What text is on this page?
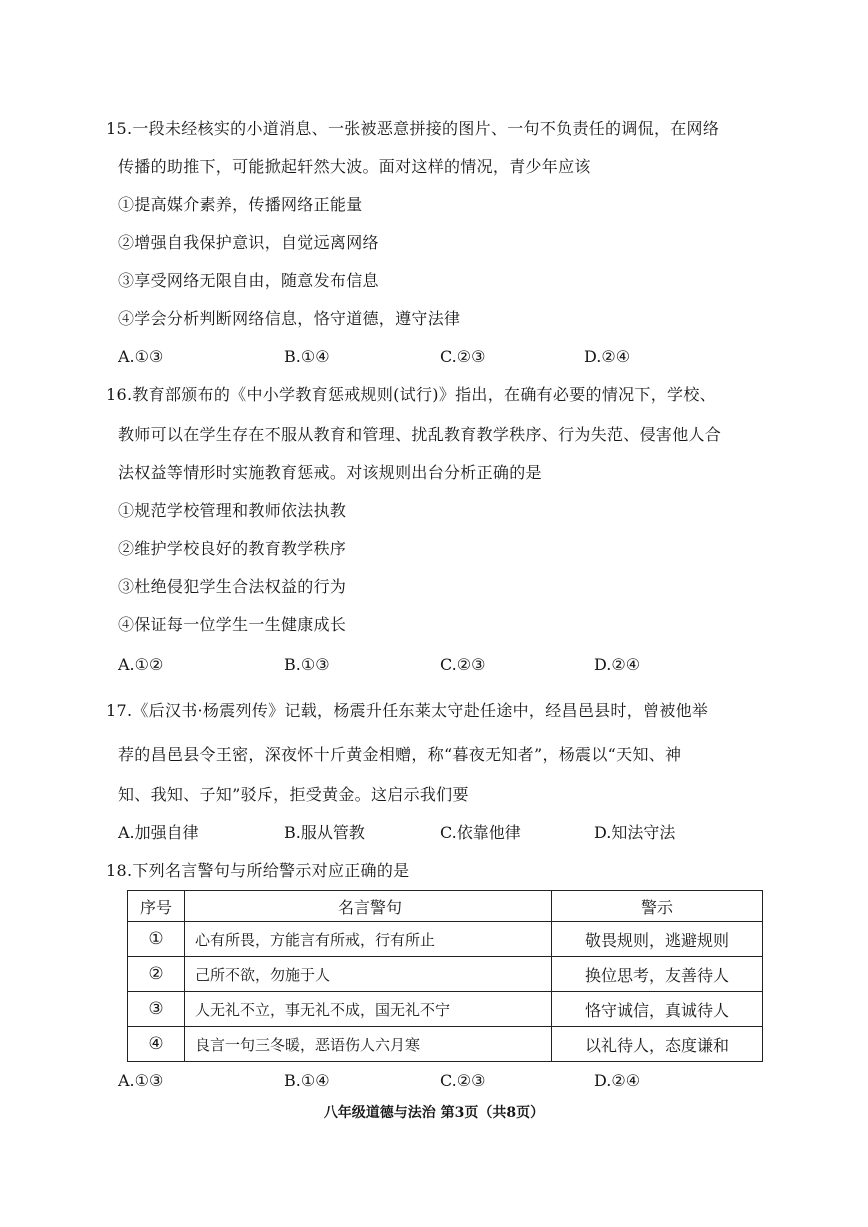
15.一段未经核实的小道消息、一张被恶意拼接的图片、一句不负责任的调侃，在网络
传播的助推下，可能掀起轩然大波。面对这样的情况，青少年应该
①提高媒介素养，传播网络正能量
②增强自我保护意识，自觉远离网络
③享受网络无限自由，随意发布信息
④学会分析判断网络信息，恪守道德，遵守法律
A.①③	B.①④	C.②③	D.②④
16.教育部颁布的《中小学教育惩戒规则(试行)》指出，在确有必要的情况下，学校、
教师可以在学生存在不服从教育和管理、扰乱教育教学秩序、行为失范、侵害他人合
法权益等情形时实施教育惩戒。对该规则出台分析正确的是
①规范学校管理和教师依法执教
②维护学校良好的教育教学秩序
③杜绝侵犯学生合法权益的行为
④保证每一位学生一生健康成长
A.①②	B.①③	C.②③	D.②④
17.《后汉书·杨震列传》记载，杨震升任东莱太守赴任途中，经昌邑县时，曾被他举
荐的昌邑县令王密，深夜怀十斤黄金相赠，称“暮夜无知者”，杨震以“天知、神
知、我知、子知”驳斥，拒受黄金。这启示我们要
A.加强自律	B.服从管教	C.依靠他律	D.知法守法
18.下列名言警句与所给警示对应正确的是
序号	名言警句	警示
①	心有所畏，方能言有所戒，行有所止	敬畏规则，逃避规则
②	己所不欲，勿施于人	换位思考，友善待人
③	人无礼不立，事无礼不成，国无礼不宁	恪守诚信，真诚待人
④	良言一句三冬暖，恶语伤人六月寒	以礼待人，态度谦和
A.①③	B.①④	C.②③	D.②④
八年级道德与法治 第3页（共8页）
